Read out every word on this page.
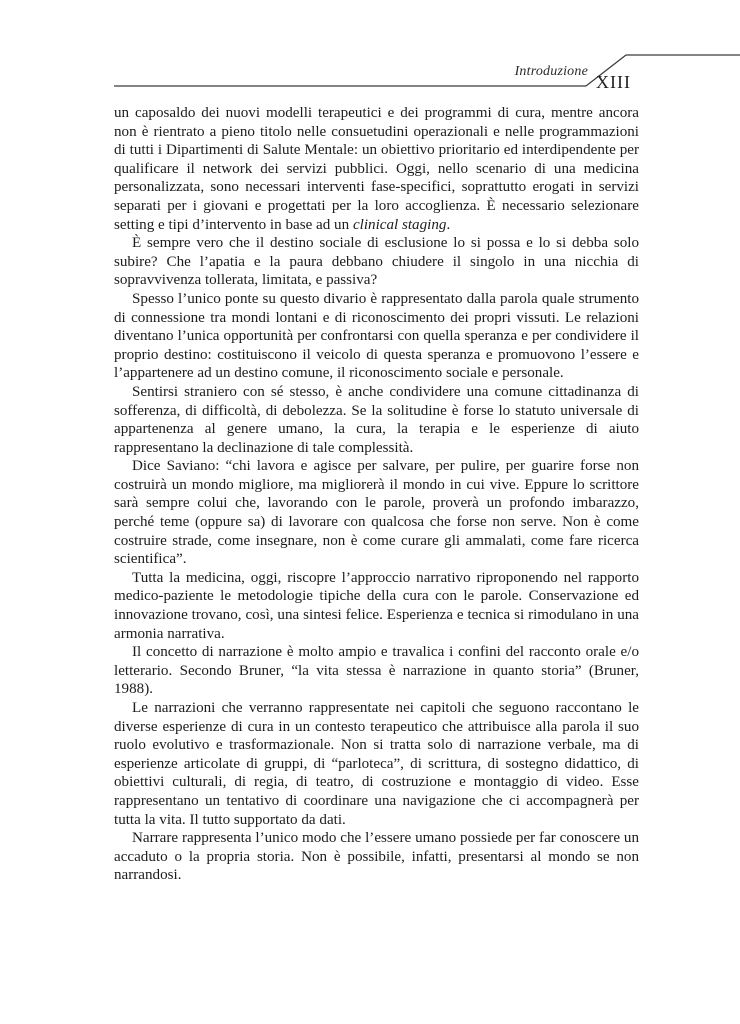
Introduzione
XIII

un caposaldo dei nuovi modelli terapeutici e dei programmi di cura, mentre ancora non è rientrato a pieno titolo nelle consuetudini operazionali e nelle programmazioni di tutti i Dipartimenti di Salute Mentale: un obiettivo prioritario ed interdipendente per qualificare il network dei servizi pubblici. Oggi, nello scenario di una medicina personalizzata, sono necessari interventi fase-specifici, soprattutto erogati in servizi separati per i giovani e progettati per la loro accoglienza. È necessario selezionare setting e tipi d’intervento in base ad un clinical staging.

È sempre vero che il destino sociale di esclusione lo si possa e lo si debba solo subire? Che l’apatia e la paura debbano chiudere il singolo in una nicchia di sopravvivenza tollerata, limitata, e passiva?

Spesso l’unico ponte su questo divario è rappresentato dalla parola quale strumento di connessione tra mondi lontani e di riconoscimento dei propri vissuti. Le relazioni diventano l’unica opportunità per confrontarsi con quella speranza e per condividere il proprio destino: costituiscono il veicolo di questa speranza e promuovono l’essere e l’appartenere ad un destino comune, il riconoscimento sociale e personale.

Sentirsi straniero con sé stesso, è anche condividere una comune cittadinanza di sofferenza, di difficoltà, di debolezza. Se la solitudine è forse lo statuto universale di appartenenza al genere umano, la cura, la terapia e le esperienze di aiuto rappresentano la declinazione di tale complessità.

Dice Saviano: “chi lavora e agisce per salvare, per pulire, per guarire forse non costruirà un mondo migliore, ma migliorerà il mondo in cui vive. Eppure lo scrittore sarà sempre colui che, lavorando con le parole, proverà un profondo imbarazzo, perché teme (oppure sa) di lavorare con qualcosa che forse non serve. Non è come costruire strade, come insegnare, non è come curare gli ammalati, come fare ricerca scientifica”.

Tutta la medicina, oggi, riscopre l’approccio narrativo riproponendo nel rapporto medico-paziente le metodologie tipiche della cura con le parole. Conservazione ed innovazione trovano, così, una sintesi felice. Esperienza e tecnica si rimodulano in una armonia narrativa.

Il concetto di narrazione è molto ampio e travalica i confini del racconto orale e/o letterario. Secondo Bruner, “la vita stessa è narrazione in quanto storia” (Bruner, 1988).

Le narrazioni che verranno rappresentate nei capitoli che seguono raccontano le diverse esperienze di cura in un contesto terapeutico che attribuisce alla parola il suo ruolo evolutivo e trasformazionale. Non si tratta solo di narrazione verbale, ma di esperienze articolate di gruppi, di “parloteca”, di scrittura, di sostegno didattico, di obiettivi culturali, di regia, di teatro, di costruzione e montaggio di video. Esse rappresentano un tentativo di coordinare una navigazione che ci accompagnerà per tutta la vita. Il tutto supportato da dati.

Narrare rappresenta l’unico modo che l’essere umano possiede per far conoscere un accaduto o la propria storia. Non è possibile, infatti, presentarsi al mondo se non narrandosi.
